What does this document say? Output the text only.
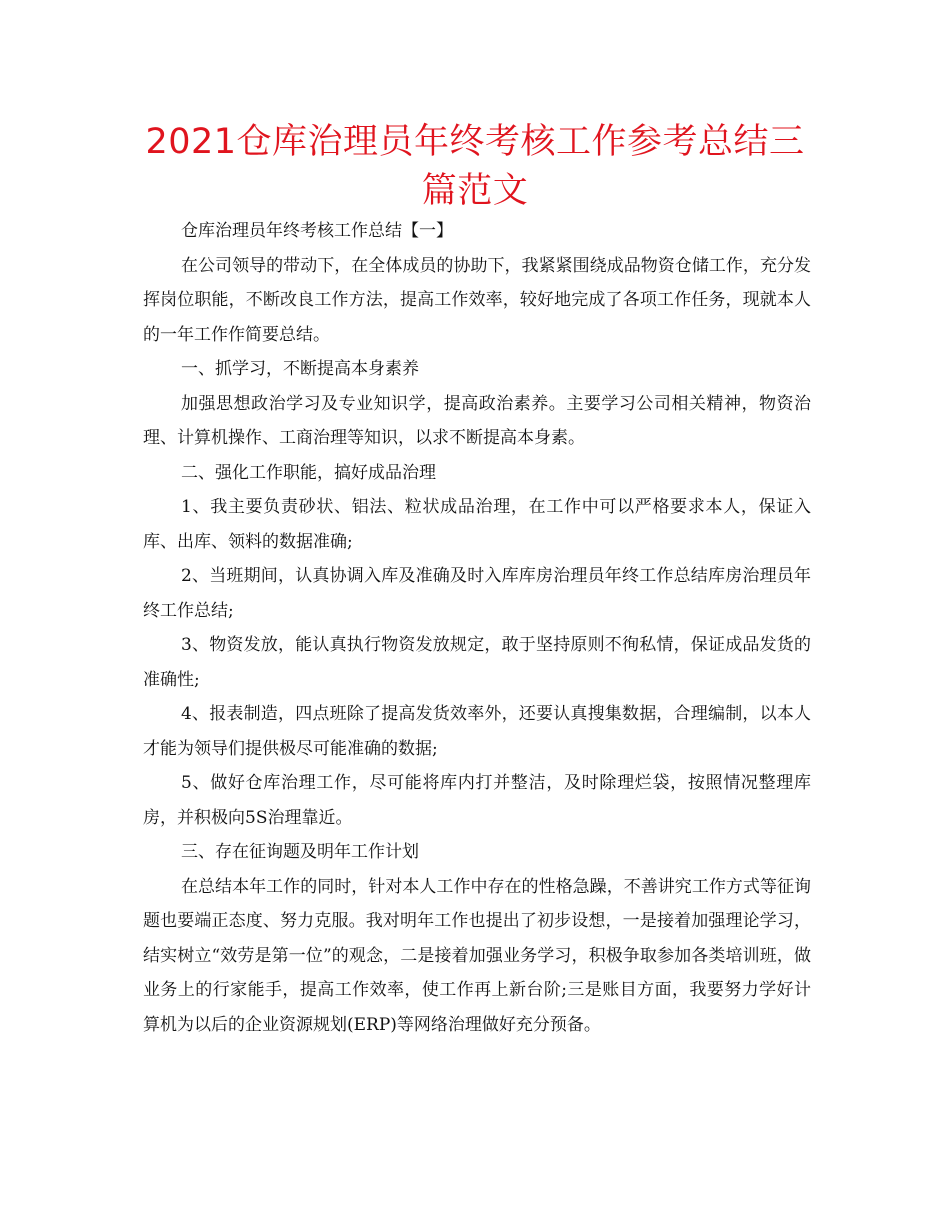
2021仓库治理员年终考核工作参考总结三篇范文

仓库治理员年终考核工作总结【一】

在公司领导的带动下，在全体成员的协助下，我紧紧围绕成品物资仓储工作，充分发挥岗位职能，不断改良工作方法，提高工作效率，较好地完成了各项工作任务，现就本人的一年工作作简要总结。

一、抓学习，不断提高本身素养

加强思想政治学习及专业知识学，提高政治素养。主要学习公司相关精神，物资治理、计算机操作、工商治理等知识，以求不断提高本身素。

二、强化工作职能，搞好成品治理

1、我主要负责砂状、铝法、粒状成品治理，在工作中可以严格要求本人，保证入库、出库、领料的数据准确;

2、当班期间，认真协调入库及准确及时入库库房治理员年终工作总结库房治理员年终工作总结;

3、物资发放，能认真执行物资发放规定，敢于坚持原则不徇私情，保证成品发货的准确性;

4、报表制造，四点班除了提高发货效率外，还要认真搜集数据，合理编制，以本人才能为领导们提供极尽可能准确的数据;

5、做好仓库治理工作，尽可能将库内打并整洁，及时除理烂袋，按照情况整理库房，并积极向5S治理靠近。

三、存在征询题及明年工作计划

在总结本年工作的同时，针对本人工作中存在的性格急躁，不善讲究工作方式等征询题也要端正态度、努力克服。我对明年工作也提出了初步设想，一是接着加强理论学习，结实树立“效劳是第一位”的观念，二是接着加强业务学习，积极争取参加各类培训班，做业务上的行家能手，提高工作效率，使工作再上新台阶;三是账目方面，我要努力学好计算机为以后的企业资源规划(ERP)等网络治理做好充分预备。
